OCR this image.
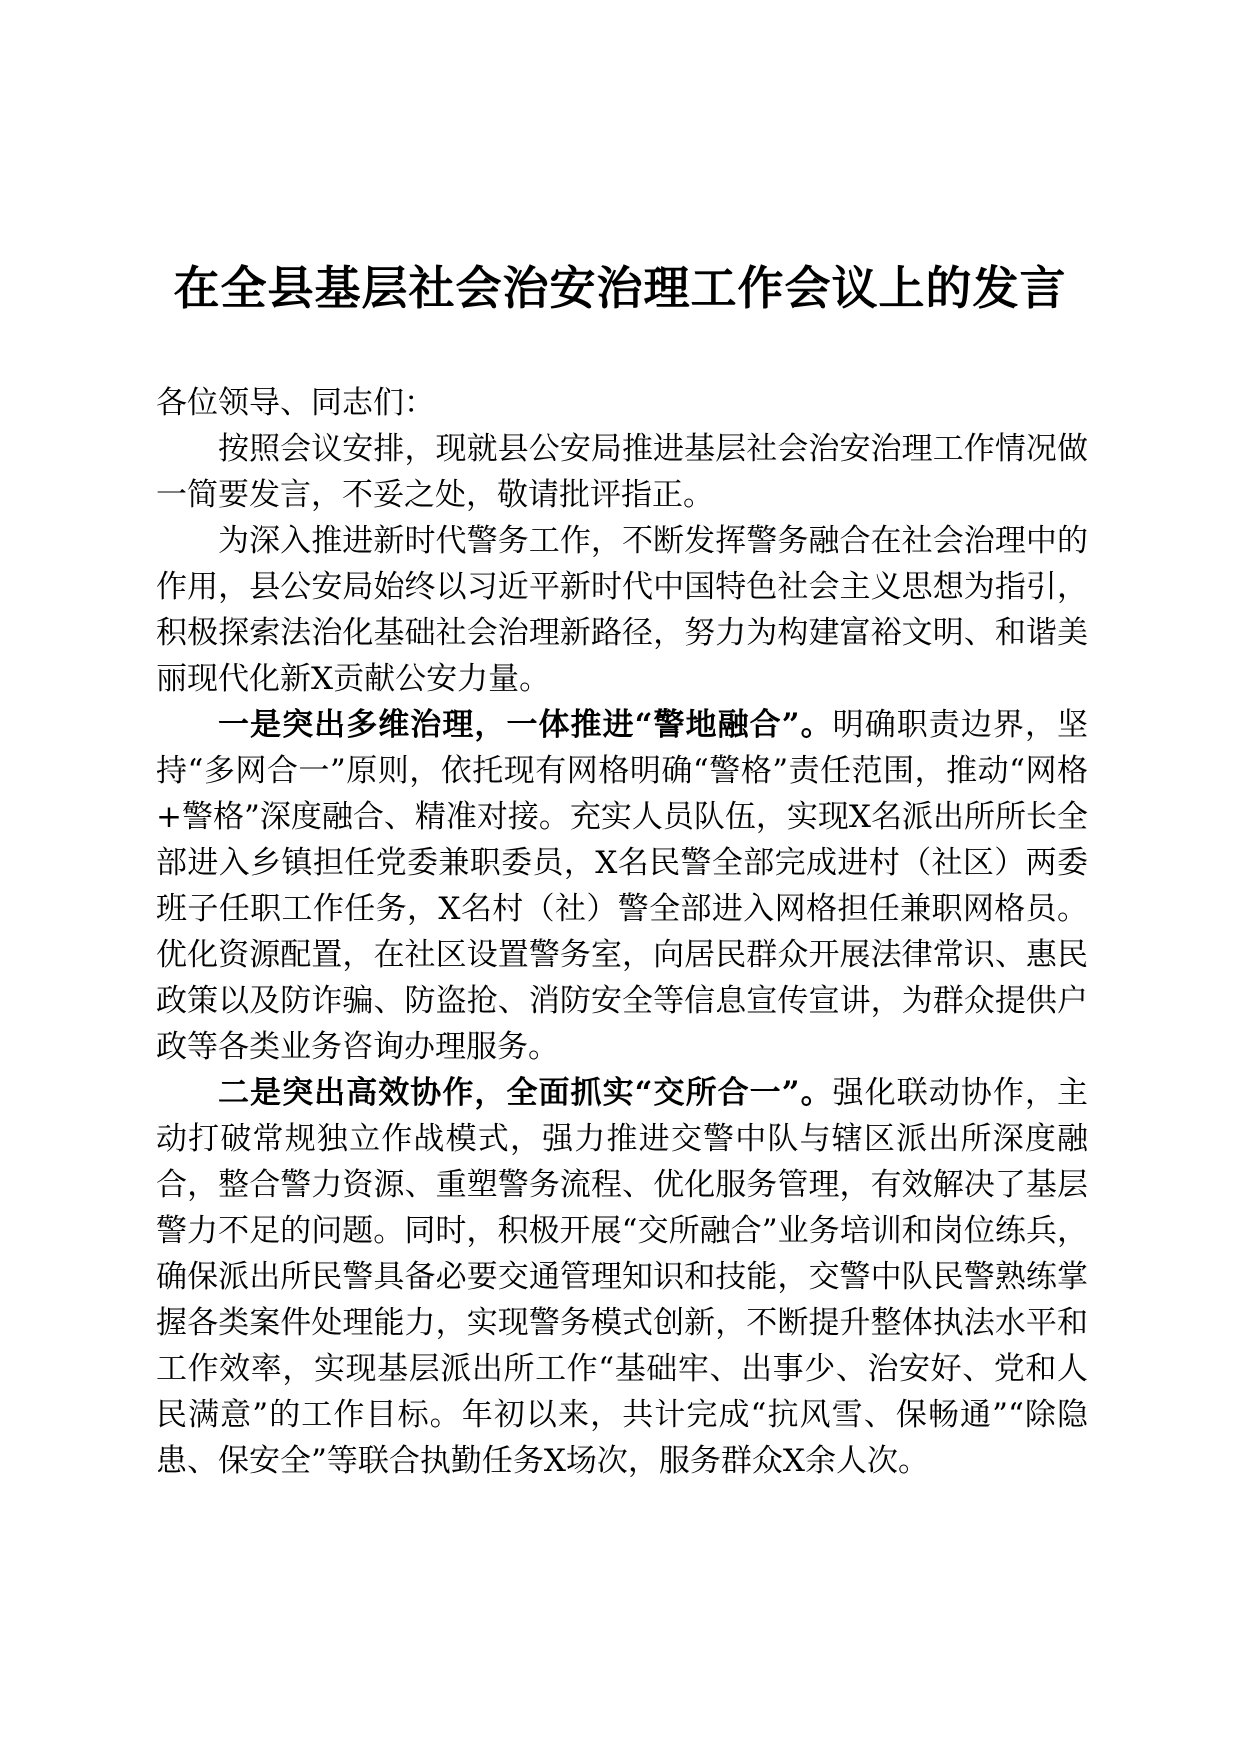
在全县基层社会治安治理工作会议上的发言

各位领导、同志们：

按照会议安排，现就县公安局推进基层社会治安治理工作情况做一简要发言，不妥之处，敬请批评指正。

为深入推进新时代警务工作，不断发挥警务融合在社会治理中的作用，县公安局始终以习近平新时代中国特色社会主义思想为指引，积极探索法治化基础社会治理新路径，努力为构建富裕文明、和谐美丽现代化新X贡献公安力量。

一是突出多维治理，一体推进“警地融合”。明确职责边界，坚持“多网合一”原则，依托现有网格明确“警格”责任范围，推动“网格+警格”深度融合、精准对接。充实人员队伍，实现X名派出所所长全部进入乡镇担任党委兼职委员，X名民警全部完成进村（社区）两委班子任职工作任务，X名村（社）警全部进入网格担任兼职网格员。优化资源配置，在社区设置警务室，向居民群众开展法律常识、惠民政策以及防诈骗、防盗抢、消防安全等信息宣传宣讲，为群众提供户政等各类业务咨询办理服务。

二是突出高效协作，全面抓实“交所合一”。强化联动协作，主动打破常规独立作战模式，强力推进交警中队与辖区派出所深度融合，整合警力资源、重塑警务流程、优化服务管理，有效解决了基层警力不足的问题。同时，积极开展“交所融合”业务培训和岗位练兵，确保派出所民警具备必要交通管理知识和技能，交警中队民警熟练掌握各类案件处理能力，实现警务模式创新，不断提升整体执法水平和工作效率，实现基层派出所工作“基础牢、出事少、治安好、党和人民满意”的工作目标。年初以来，共计完成“抗风雪、保畅通”“除隐患、保安全”等联合执勤任务X场次，服务群众X余人次。
